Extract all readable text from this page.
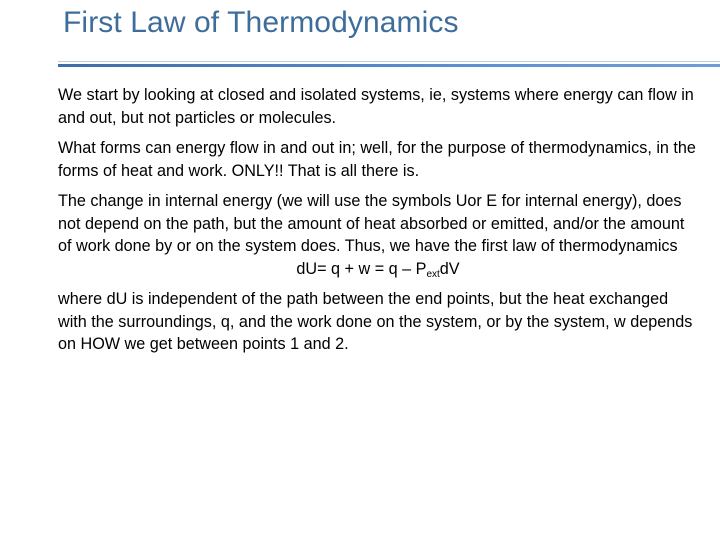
First Law of Thermodynamics

We start by looking at closed and isolated systems, ie, systems where energy can flow in and out, but not particles or molecules.

What forms can energy flow in and out in; well, for the purpose of thermodynamics, in the forms of heat and work. ONLY!! That is all there is.

The change in internal energy (we will use the symbols Uor E for internal energy), does not depend on the path, but the amount of heat absorbed or emitted, and/or the amount of work done by or on the system does. Thus, we have the first law of thermodynamics

$dU= q + w = q - P_{ext}dV$

where dU is independent of the path between the end points, but the heat exchanged with the surroundings, q, and the work done on the system, or by the system, w depends on HOW we get between points 1 and 2.
